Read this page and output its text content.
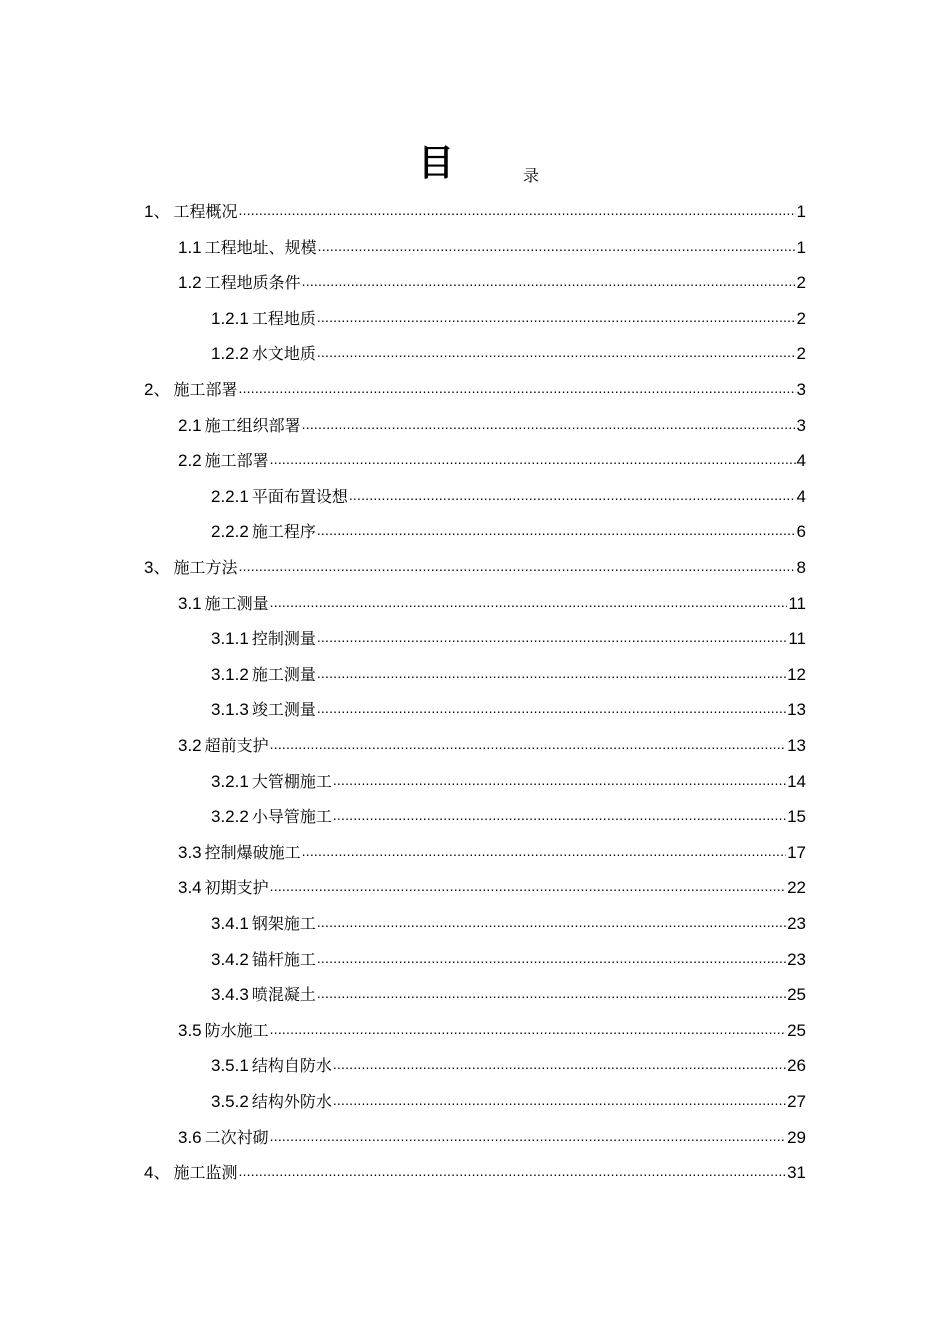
目	录
1、 工程概况 .....	1
1.1 工程地址、规模 .....	1
1.2 工程地质条件 .....	2
1.2.1 工程地质 .....	2
1.2.2 水文地质 .....	2
2、 施工部署 .....	3
2.1 施工组织部署 .....	3
2.2 施工部署 .....	4
2.2.1 平面布置设想 .....	4
2.2.2 施工程序 .....	6
3、 施工方法 .....	8
3.1 施工测量 .....	11
3.1.1 控制测量 .....	11
3.1.2 施工测量 .....	12
3.1.3 竣工测量 .....	13
3.2 超前支护 .....	13
3.2.1 大管棚施工 .....	14
3.2.2 小导管施工 .....	15
3.3 控制爆破施工 .....	17
3.4 初期支护 .....	22
3.4.1 钢架施工 .....	23
3.4.2 锚杆施工 .....	23
3.4.3 喷混凝土 .....	25
3.5 防水施工 .....	25
3.5.1 结构自防水 .....	26
3.5.2 结构外防水 .....	27
3.6 二次衬砌 .....	29
4、 施工监测 .....	31
